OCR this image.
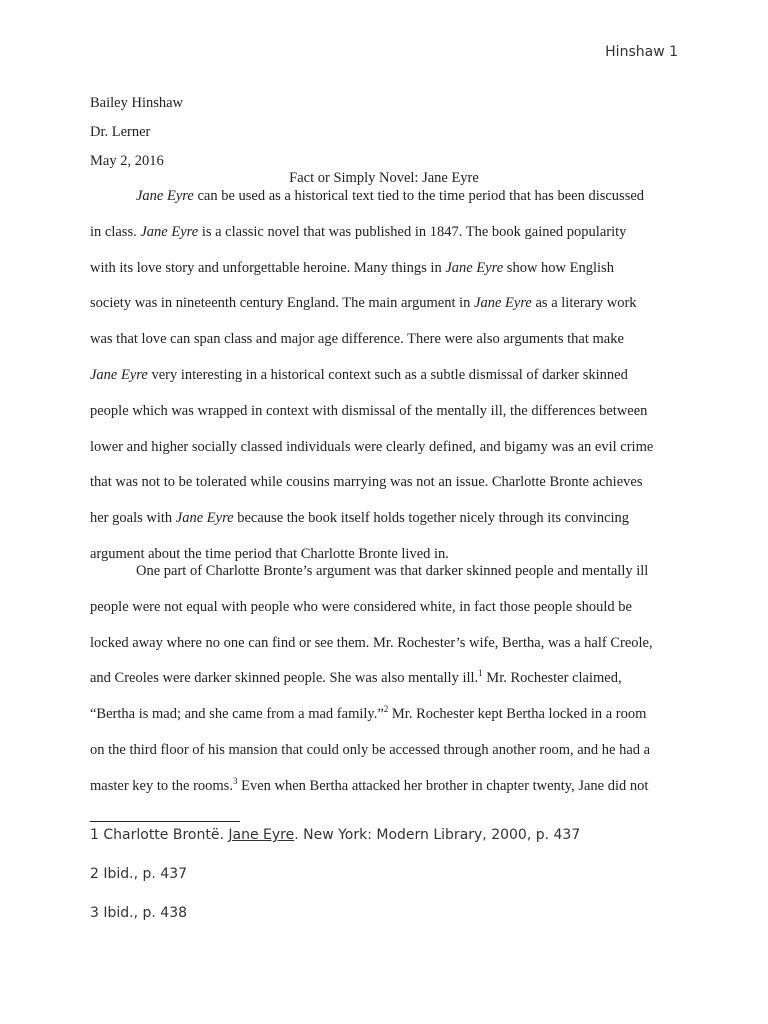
Hinshaw 1
Bailey Hinshaw
Dr. Lerner
May 2, 2016
Fact or Simply Novel: Jane Eyre
Jane Eyre can be used as a historical text tied to the time period that has been discussed
in class. Jane Eyre is a classic novel that was published in 1847. The book gained popularity
with its love story and unforgettable heroine. Many things in Jane Eyre show how English
society was in nineteenth century England. The main argument in Jane Eyre as a literary work
was that love can span class and major age difference. There were also arguments that make
Jane Eyre very interesting in a historical context such as a subtle dismissal of darker skinned
people which was wrapped in context with dismissal of the mentally ill, the differences between
lower and higher socially classed individuals were clearly defined, and bigamy was an evil crime
that was not to be tolerated while cousins marrying was not an issue. Charlotte Bronte achieves
her goals with Jane Eyre because the book itself holds together nicely through its convincing
argument about the time period that Charlotte Bronte lived in.
One part of Charlotte Bronte’s argument was that darker skinned people and mentally ill
people were not equal with people who were considered white, in fact those people should be
locked away where no one can find or see them. Mr. Rochester’s wife, Bertha, was a half Creole,
and Creoles were darker skinned people. She was also mentally ill.$^1$ Mr. Rochester claimed,
“Bertha is mad; and she came from a mad family.”$^2$ Mr. Rochester kept Bertha locked in a room
on the third floor of his mansion that could only be accessed through another room, and he had a
master key to the rooms.$^3$ Even when Bertha attacked her brother in chapter twenty, Jane did not
1 Charlotte Brontë. Jane Eyre. New York: Modern Library, 2000, p. 437
2 Ibid., p. 437
3 Ibid., p. 438
